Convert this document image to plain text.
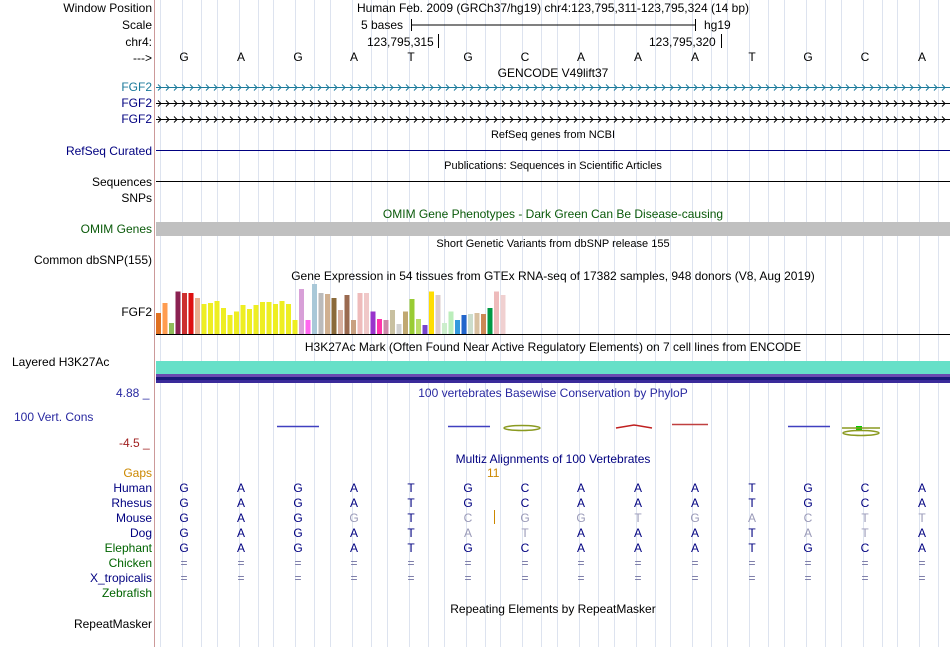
Window Position
Scale
chr4:
--->
Human Feb. 2009 (GRCh37/hg19) chr4:123,795,311-123,795,324 (14 bp)
5 bases	hg19
123,795,315	123,795,320
G	A	G	A	T	G	C	A	A	A	T	G	C	A
GENCODE V49lift37
FGF2
FGF2
FGF2
RefSeq genes from NCBI
RefSeq Curated
Publications: Sequences in Scientific Articles
Sequences
SNPs
OMIM Gene Phenotypes - Dark Green Can Be Disease-causing
OMIM Genes
Short Genetic Variants from dbSNP release 155
Common dbSNP(155)
Gene Expression in 54 tissues from GTEx RNA-seq of 17382 samples, 948 donors (V8, Aug 2019)
FGF2
H3K27Ac Mark (Often Found Near Active Regulatory Elements) on 7 cell lines from ENCODE
Layered H3K27Ac
4.88 _	100 vertebrates Basewise Conservation by PhyloP
100 Vert. Cons
-4.5 _
Multiz Alignments of 100 Vertebrates
Gaps	11
Human G	A	G	A	T	G	C	A	A	A	T	G	C	A
Rhesus G	A	G	A	T	G	C	A	A	A	T	G	C	A
Mouse G	A	G	G	T	C	G	G	T	G	A	C	T	T
Dog G	A	G	A	T	A	T	A	A	A	T	A	T	A
Elephant G	A	G	A	T	G	C	A	A	A	T	G	C	A
Chicken =	=	=	=	=	=	=	=	=	=	=	=	=	=
X_tropicalis =	=	=	=	=	=	=	=	=	=	=	=	=	=
Zebrafish
Repeating Elements by RepeatMasker
RepeatMasker
